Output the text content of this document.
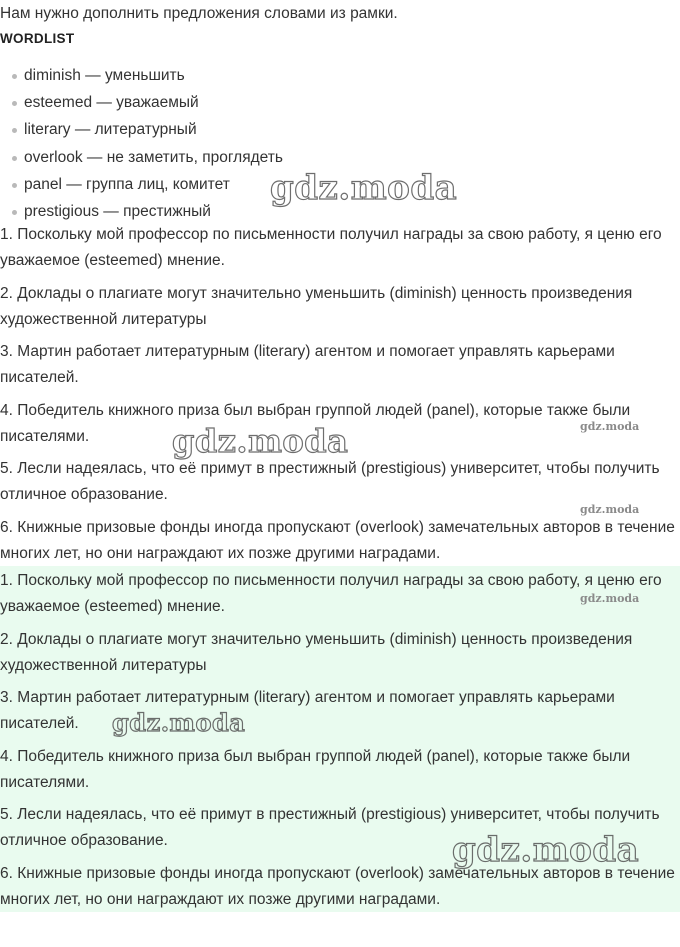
Нам нужно дополнить предложения словами из рамки.
WORDLIST
diminish — уменьшить
esteemed — уважаемый
literary — литературный
overlook — не заметить, проглядеть
panel — группа лиц, комитет
prestigious — престижный

1. Поскольку мой профессор по письменности получил награды за свою работу, я ценю его уважаемое (esteemed) мнение.

2. Доклады о плагиате могут значительно уменьшить (diminish) ценность произведения художественной литературы

3. Мартин работает литературным (literary) агентом и помогает управлять карьерами писателей.

4. Победитель книжного приза был выбран группой людей (panel), которые также были писателями.

5. Лесли надеялась, что её примут в престижный (prestigious) университет, чтобы получить отличное образование.

6. Книжные призовые фонды иногда пропускают (overlook) замечательных авторов в течение многих лет, но они награждают их позже другими наградами.

1. Поскольку мой профессор по письменности получил награды за свою работу, я ценю его уважаемое (esteemed) мнение.

2. Доклады о плагиате могут значительно уменьшить (diminish) ценность произведения художественной литературы

3. Мартин работает литературным (literary) агентом и помогает управлять карьерами писателей.

4. Победитель книжного приза был выбран группой людей (panel), которые также были писателями.

5. Лесли надеялась, что её примут в престижный (prestigious) университет, чтобы получить отличное образование.

6. Книжные призовые фонды иногда пропускают (overlook) замечательных авторов в течение многих лет, но они награждают их позже другими наградами.

gdz.moda
gdz.moda
gdz.moda
gdz.moda
gdz.moda
gdz.moda
gdz.moda
